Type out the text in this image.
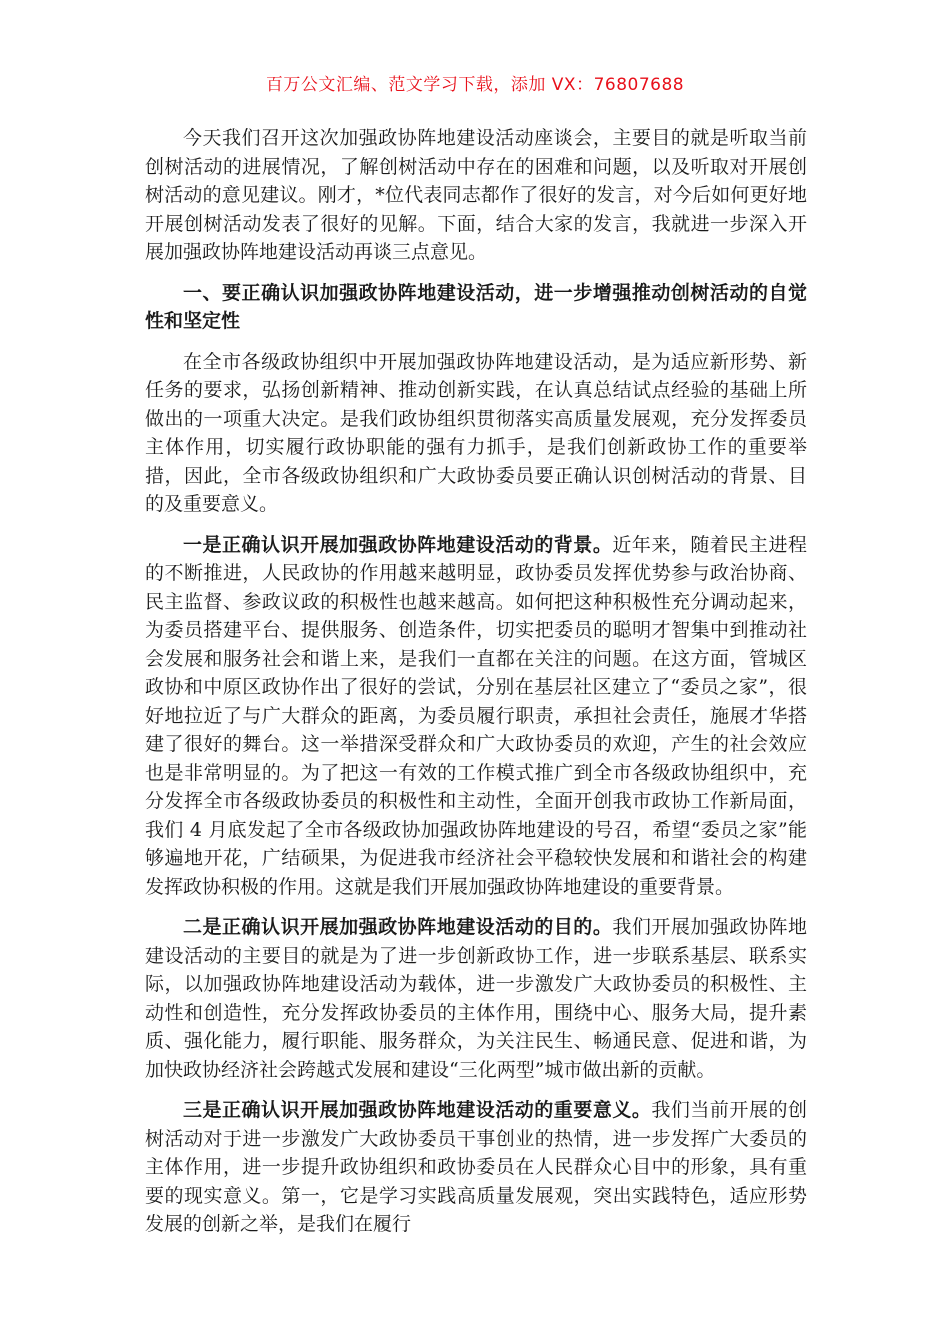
百万公文汇编、范文学习下载，添加 VX：76807688

今天我们召开这次加强政协阵地建设活动座谈会，主要目的就是听取当前创树活动的进展情况，了解创树活动中存在的困难和问题，以及听取对开展创树活动的意见建议。刚才，*位代表同志都作了很好的发言，对今后如何更好地开展创树活动发表了很好的见解。下面，结合大家的发言，我就进一步深入开展加强政协阵地建设活动再谈三点意见。

一、要正确认识加强政协阵地建设活动，进一步增强推动创树活动的自觉性和坚定性

在全市各级政协组织中开展加强政协阵地建设活动，是为适应新形势、新任务的要求，弘扬创新精神、推动创新实践，在认真总结试点经验的基础上所做出的一项重大决定。是我们政协组织贯彻落实高质量发展观，充分发挥委员主体作用，切实履行政协职能的强有力抓手，是我们创新政协工作的重要举措，因此，全市各级政协组织和广大政协委员要正确认识创树活动的背景、目的及重要意义。

一是正确认识开展加强政协阵地建设活动的背景。近年来，随着民主进程的不断推进，人民政协的作用越来越明显，政协委员发挥优势参与政治协商、民主监督、参政议政的积极性也越来越高。如何把这种积极性充分调动起来，为委员搭建平台、提供服务、创造条件，切实把委员的聪明才智集中到推动社会发展和服务社会和谐上来，是我们一直都在关注的问题。在这方面，管城区政协和中原区政协作出了很好的尝试，分别在基层社区建立了“委员之家”，很好地拉近了与广大群众的距离，为委员履行职责，承担社会责任，施展才华搭建了很好的舞台。这一举措深受群众和广大政协委员的欢迎，产生的社会效应也是非常明显的。为了把这一有效的工作模式推广到全市各级政协组织中，充分发挥全市各级政协委员的积极性和主动性，全面开创我市政协工作新局面，我们 4 月底发起了全市各级政协加强政协阵地建设的号召，希望“委员之家”能够遍地开花，广结硕果，为促进我市经济社会平稳较快发展和和谐社会的构建发挥政协积极的作用。这就是我们开展加强政协阵地建设的重要背景。

二是正确认识开展加强政协阵地建设活动的目的。我们开展加强政协阵地建设活动的主要目的就是为了进一步创新政协工作，进一步联系基层、联系实际，以加强政协阵地建设活动为载体，进一步激发广大政协委员的积极性、主动性和创造性，充分发挥政协委员的主体作用，围绕中心、服务大局，提升素质、强化能力，履行职能、服务群众，为关注民生、畅通民意、促进和谐，为加快政协经济社会跨越式发展和建设“三化两型”城市做出新的贡献。

三是正确认识开展加强政协阵地建设活动的重要意义。我们当前开展的创树活动对于进一步激发广大政协委员干事创业的热情，进一步发挥广大委员的主体作用，进一步提升政协组织和政协委员在人民群众心目中的形象，具有重要的现实意义。第一，它是学习实践高质量发展观，突出实践特色，适应形势发展的创新之举，是我们在履行
